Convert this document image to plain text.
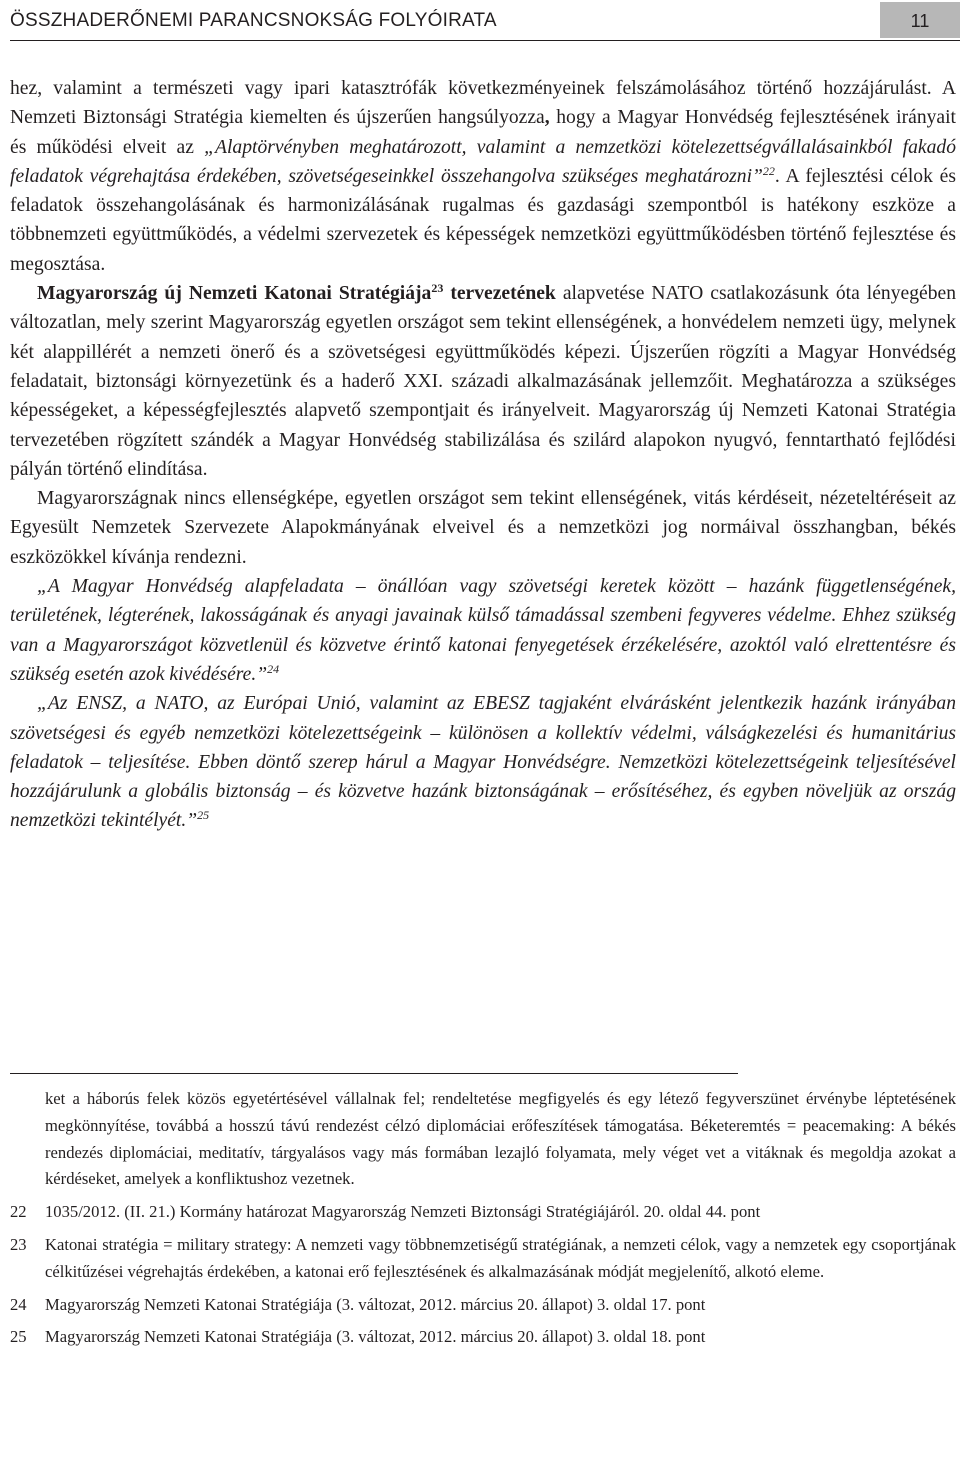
ÖSSZHADERŐNEMI PARANCSNOKSÁG FOLYÓIRATA	11

hez, valamint a természeti vagy ipari katasztrófák következményeinek felszámolásához történő hozzájárulást. A Nemzeti Biztonsági Stratégia kiemelten és újszerűen hangsúlyozza, hogy a Magyar Honvédség fejlesztésének irányait és működési elveit az „Alaptörvényben meghatározott, valamint a nemzetközi kötelezettségvállalásainkból fakadó feladatok végrehajtása érdekében, szövetségeseinkkel összehangolva szükséges meghatározni”$^{22}$. A fejlesztési célok és feladatok összehangolásának és harmonizálásának rugalmas és gazdasági szempontból is hatékony eszköze a többnemzeti együttműködés, a védelmi szervezetek és képességek nemzetközi együttműködésben történő fejlesztése és megosztása.

Magyarország új Nemzeti Katonai Stratégiája$^{23}$ tervezetének alapvetése NATO csatlakozásunk óta lényegében változatlan, mely szerint Magyarország egyetlen országot sem tekint ellenségének, a honvédelem nemzeti ügy, melynek két alappillérét a nemzeti önerő és a szövetségesi együttműködés képezi. Újszerűen rögzíti a Magyar Honvédség feladatait, biztonsági környezetünk és a haderő XXI. századi alkalmazásának jellemzőit. Meghatározza a szükséges képességeket, a képességfejlesztés alapvető szempontjait és irányelveit. Magyarország új Nemzeti Katonai Stratégia tervezetében rögzített szándék a Magyar Honvédség stabilizálása és szilárd alapokon nyugvó, fenntartható fejlődési pályán történő elindítása.

Magyarországnak nincs ellenségképe, egyetlen országot sem tekint ellenségének, vitás kérdéseit, nézeteltéréseit az Egyesült Nemzetek Szervezete Alapokmányának elveivel és a nemzetközi jog normáival összhangban, békés eszközökkel kívánja rendezni.

„A Magyar Honvédség alapfeladata – önállóan vagy szövetségi keretek között – hazánk függetlenségének, területének, légterének, lakosságának és anyagi javainak külső támadással szembeni fegyveres védelme. Ehhez szükség van a Magyarországot közvetlenül és közvetve érintő katonai fenyegetések érzékelésére, azoktól való elrettentésre és szükség esetén azok kivédésére.”$^{24}$

„Az ENSZ, a NATO, az Európai Unió, valamint az EBESZ tagjaként elvárásként jelentkezik hazánk irányában szövetségesi és egyéb nemzetközi kötelezettségeink – különösen a kollektív védelmi, válságkezelési és humanitárius feladatok – teljesítése. Ebben döntő szerep hárul a Magyar Honvédségre. Nemzetközi kötelezettségeink teljesítésével hozzájárulunk a globális biztonság – és közvetve hazánk biztonságának – erősítéséhez, és egyben növeljük az ország nemzetközi tekintélyét.”$^{25}$

ket a háborús felek közös egyetértésével vállalnak fel; rendeltetése megfigyelés és egy létező fegyverszünet érvénybe léptetésének megkönnyítése, továbbá a hosszú távú rendezést célzó diplomáciai erőfeszítések támogatása. Béketeremtés = peacemaking: A békés rendezés diplomáciai, meditatív, tárgyalásos vagy más formában lezajló folyamata, mely véget vet a vitáknak és megoldja azokat a kérdéseket, amelyek a konfliktushoz vezetnek.
22	1035/2012. (II. 21.) Kormány határozat Magyarország Nemzeti Biztonsági Stratégiájáról. 20. oldal 44. pont
23	Katonai stratégia = military strategy: A nemzeti vagy többnemzetiségű stratégiának, a nemzeti célok, vagy a nemzetek egy csoportjának célkitűzései végrehajtás érdekében, a katonai erő fejlesztésének és alkalmazásának módját megjelenítő, alkotó eleme.
24	Magyarország Nemzeti Katonai Stratégiája (3. változat, 2012. március 20. állapot) 3. oldal 17. pont
25	Magyarország Nemzeti Katonai Stratégiája (3. változat, 2012. március 20. állapot) 3. oldal 18. pont
